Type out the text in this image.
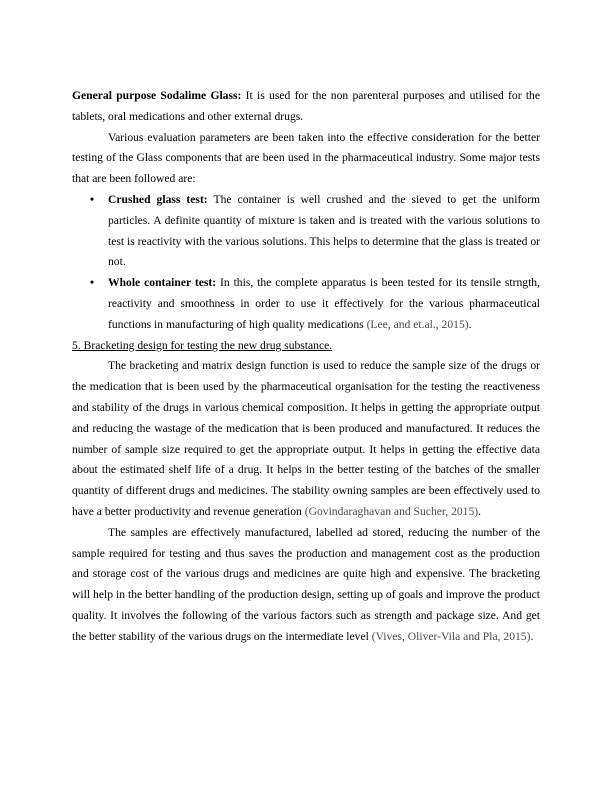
General purpose Sodalime Glass: It is used for the non parenteral purposes and utilised for the tablets, oral medications and other external drugs.

Various evaluation parameters are been taken into the effective consideration for the better testing of the Glass components that are been used in the pharmaceutical industry. Some major tests that are been followed are:

• Crushed glass test: The container is well crushed and the sieved to get the uniform particles. A definite quantity of mixture is taken and is treated with the various solutions to test is reactivity with the various solutions. This helps to determine that the glass is treated or not.
• Whole container test: In this, the complete apparatus is been tested for its tensile strngth, reactivity and smoothness in order to use it effectively for the various pharmaceutical functions in manufacturing of high quality medications (Lee, and et.al., 2015).

5. Bracketing design for testing the new drug substance.

The bracketing and matrix design function is used to reduce the sample size of the drugs or the medication that is been used by the pharmaceutical organisation for the testing the reactiveness and stability of the drugs in various chemical composition. It helps in getting the appropriate output and reducing the wastage of the medication that is been produced and manufactured. It reduces the number of sample size required to get the appropriate output. It helps in getting the effective data about the estimated shelf life of a drug. It helps in the better testing of the batches of the smaller quantity of different drugs and medicines. The stability owning samples are been effectively used to have a better productivity and revenue generation (Govindaraghavan and Sucher, 2015).

The samples are effectively manufactured, labelled ad stored, reducing the number of the sample required for testing and thus saves the production and management cost as the production and storage cost of the various drugs and medicines are quite high and expensive. The bracketing will help in the better handling of the production design, setting up of goals and improve the product quality. It involves the following of the various factors such as strength and package size. And get the better stability of the various drugs on the intermediate level (Vives, Oliver-Vila and Pla, 2015).
